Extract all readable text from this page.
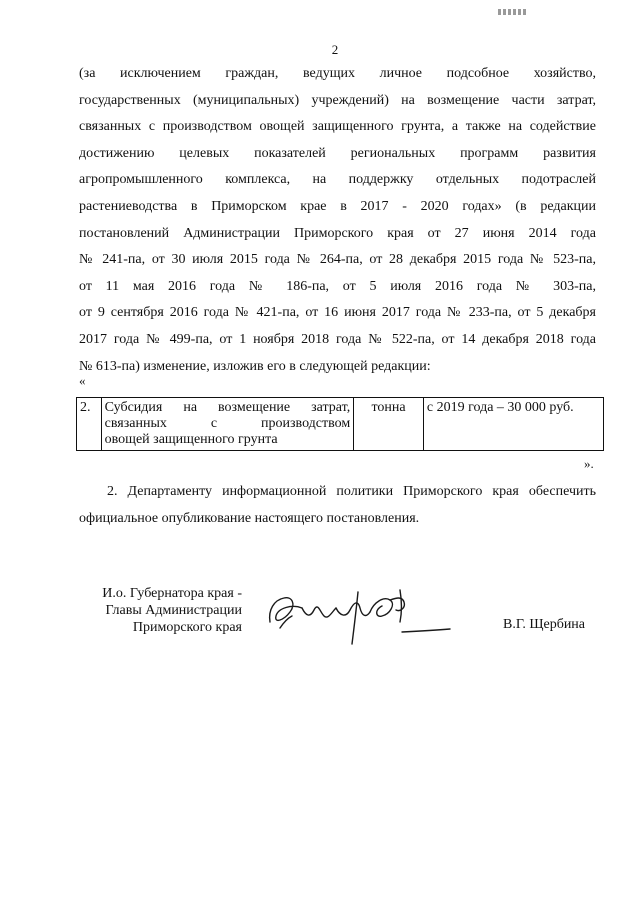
2
(за исключением граждан, ведущих личное подсобное хозяйство,
государственных (муниципальных) учреждений) на возмещение части затрат,
связанных с производством овощей защищенного грунта, а также на содействие
достижению целевых показателей региональных программ развития
агропромышленного комплекса, на поддержку отдельных подотраслей
растениеводства в Приморском крае в 2017 - 2020 годах» (в редакции
постановлений Администрации Приморского края от 27 июня 2014 года
№ 241-па, от 30 июля 2015 года № 264-па, от 28 декабря 2015 года № 523-па,
от 11 мая 2016 года № 186-па, от 5 июля 2016 года № 303-па,
от 9 сентября 2016 года № 421-па, от 16 июня 2017 года № 233-па, от 5 декабря
2017 года № 499-па, от 1 ноября 2018 года № 522-па, от 14 декабря 2018 года
№ 613-па) изменение, изложив его в следующей редакции:
«
2.	Субсидия на возмещение затрат,
связанных с производством
овощей защищенного грунта
	тонна	с 2019 года – 30 000 руб.
».
2. Департаменту информационной политики Приморского края обеспечить
официальное опубликование настоящего постановления.
И.о. Губернатора края -
Главы Администрации
Приморского края	В.Г. Щербина
